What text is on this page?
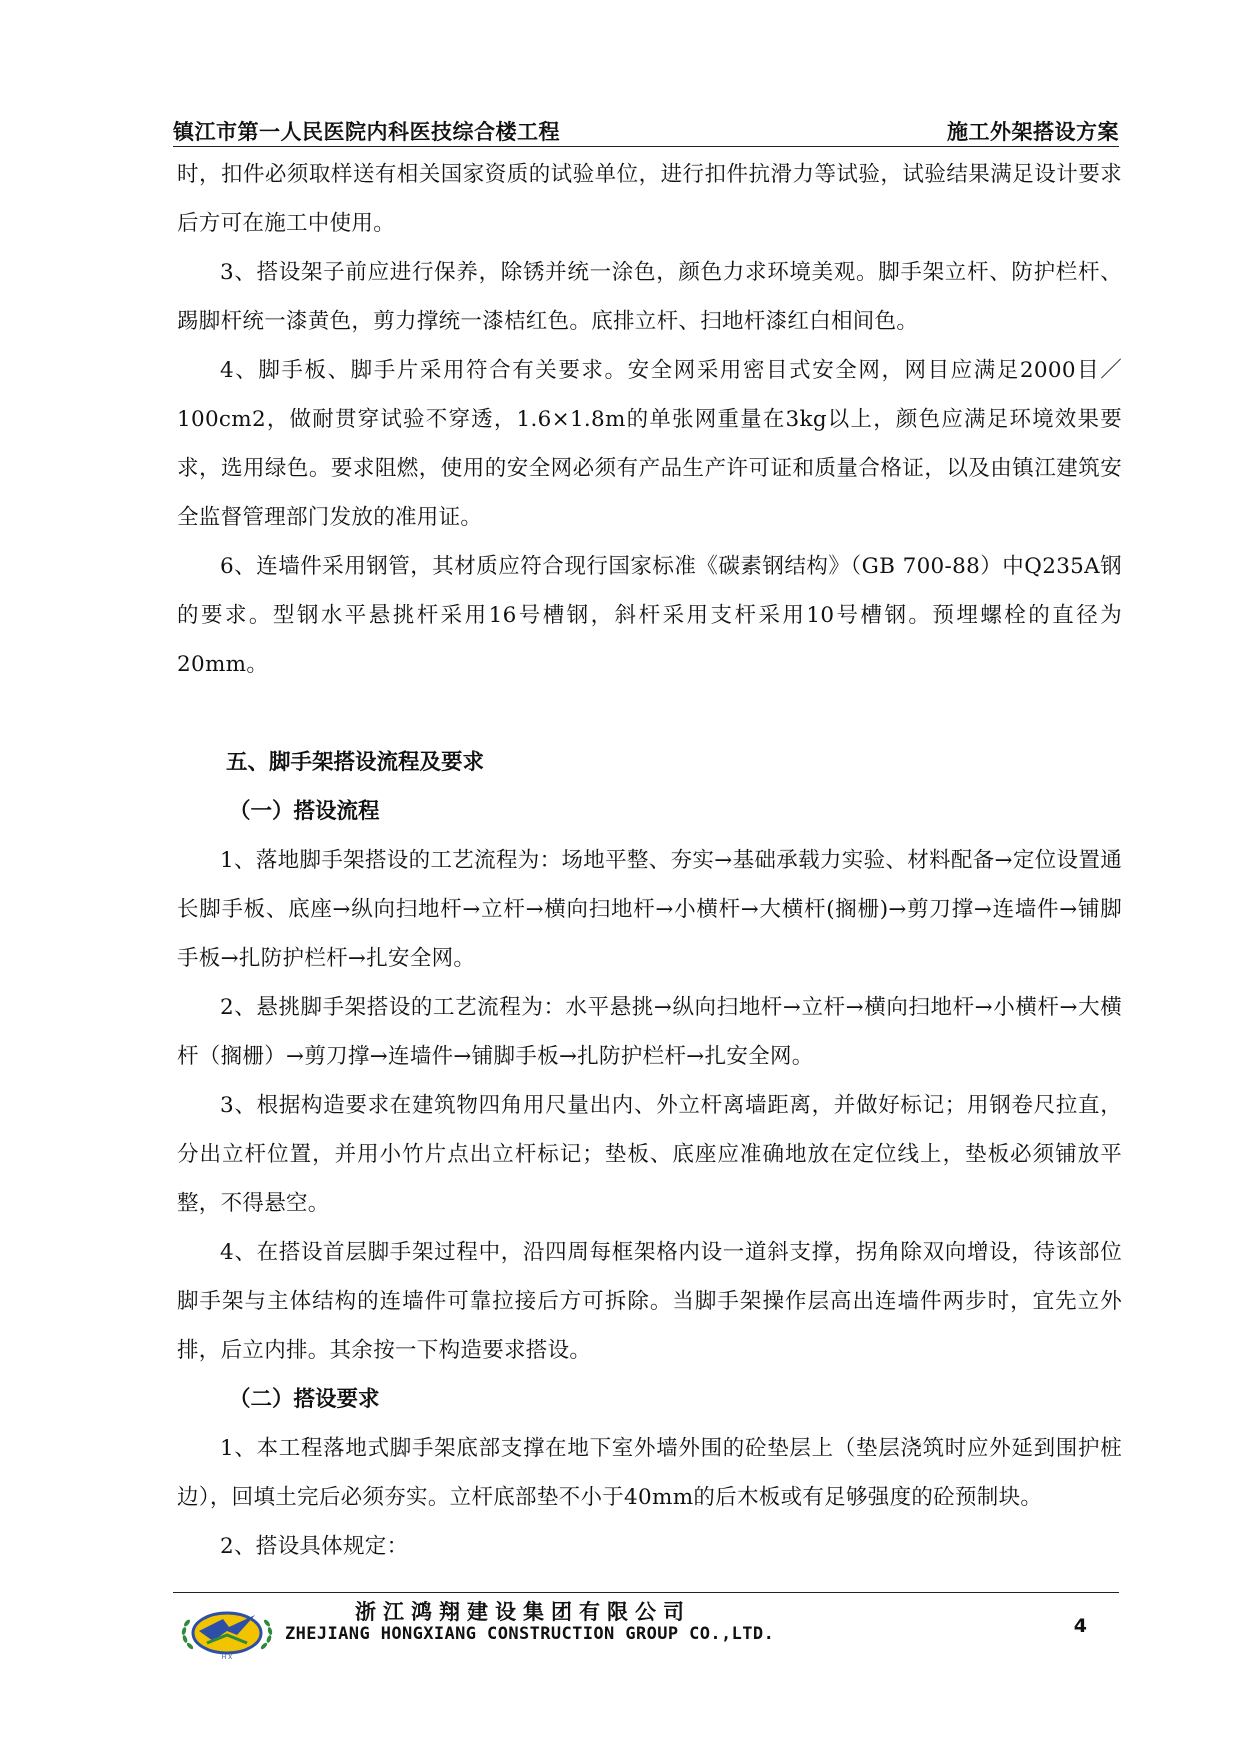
镇江市第一人民医院内科医技综合楼工程	施工外架搭设方案

时，扣件必须取样送有相关国家资质的试验单位，进行扣件抗滑力等试验，试验结果满足设计要求后方可在施工中使用。

3、搭设架子前应进行保养，除锈并统一涂色，颜色力求环境美观。脚手架立杆、防护栏杆、踢脚杆统一漆黄色，剪力撑统一漆桔红色。底排立杆、扫地杆漆红白相间色。

4、脚手板、脚手片采用符合有关要求。安全网采用密目式安全网，网目应满足2000目／100cm2，做耐贯穿试验不穿透，1.6×1.8m的单张网重量在3kg以上，颜色应满足环境效果要求，选用绿色。要求阻燃，使用的安全网必须有产品生产许可证和质量合格证，以及由镇江建筑安全监督管理部门发放的准用证。

6、连墙件采用钢管，其材质应符合现行国家标准《碳素钢结构》（GB 700-88）中Q235A钢的要求。型钢水平悬挑杆采用16号槽钢，斜杆采用支杆采用10号槽钢。预埋螺栓的直径为20mm。

五、脚手架搭设流程及要求

（一）搭设流程

1、落地脚手架搭设的工艺流程为：场地平整、夯实→基础承载力实验、材料配备→定位设置通长脚手板、底座→纵向扫地杆→立杆→横向扫地杆→小横杆→大横杆(搁栅)→剪刀撑→连墙件→铺脚手板→扎防护栏杆→扎安全网。

2、悬挑脚手架搭设的工艺流程为：水平悬挑→纵向扫地杆→立杆→横向扫地杆→小横杆→大横杆（搁栅）→剪刀撑→连墙件→铺脚手板→扎防护栏杆→扎安全网。

3、根据构造要求在建筑物四角用尺量出内、外立杆离墙距离，并做好标记；用钢卷尺拉直，分出立杆位置，并用小竹片点出立杆标记；垫板、底座应准确地放在定位线上，垫板必须铺放平整，不得悬空。

4、在搭设首层脚手架过程中，沿四周每框架格内设一道斜支撑，拐角除双向增设，待该部位脚手架与主体结构的连墙件可靠拉接后方可拆除。当脚手架操作层高出连墙件两步时，宜先立外排，后立内排。其余按一下构造要求搭设。

（二）搭设要求

1、本工程落地式脚手架底部支撑在地下室外墙外围的砼垫层上（垫层浇筑时应外延到围护桩边），回填土完后必须夯实。立杆底部垫不小于40mm的后木板或有足够强度的砼预制块。

2、搭设具体规定：

H X
浙江鸿翔建设集团有限公司
ZHEJIANG HONGXIANG CONSTRUCTION GROUP CO.,LTD.	4
